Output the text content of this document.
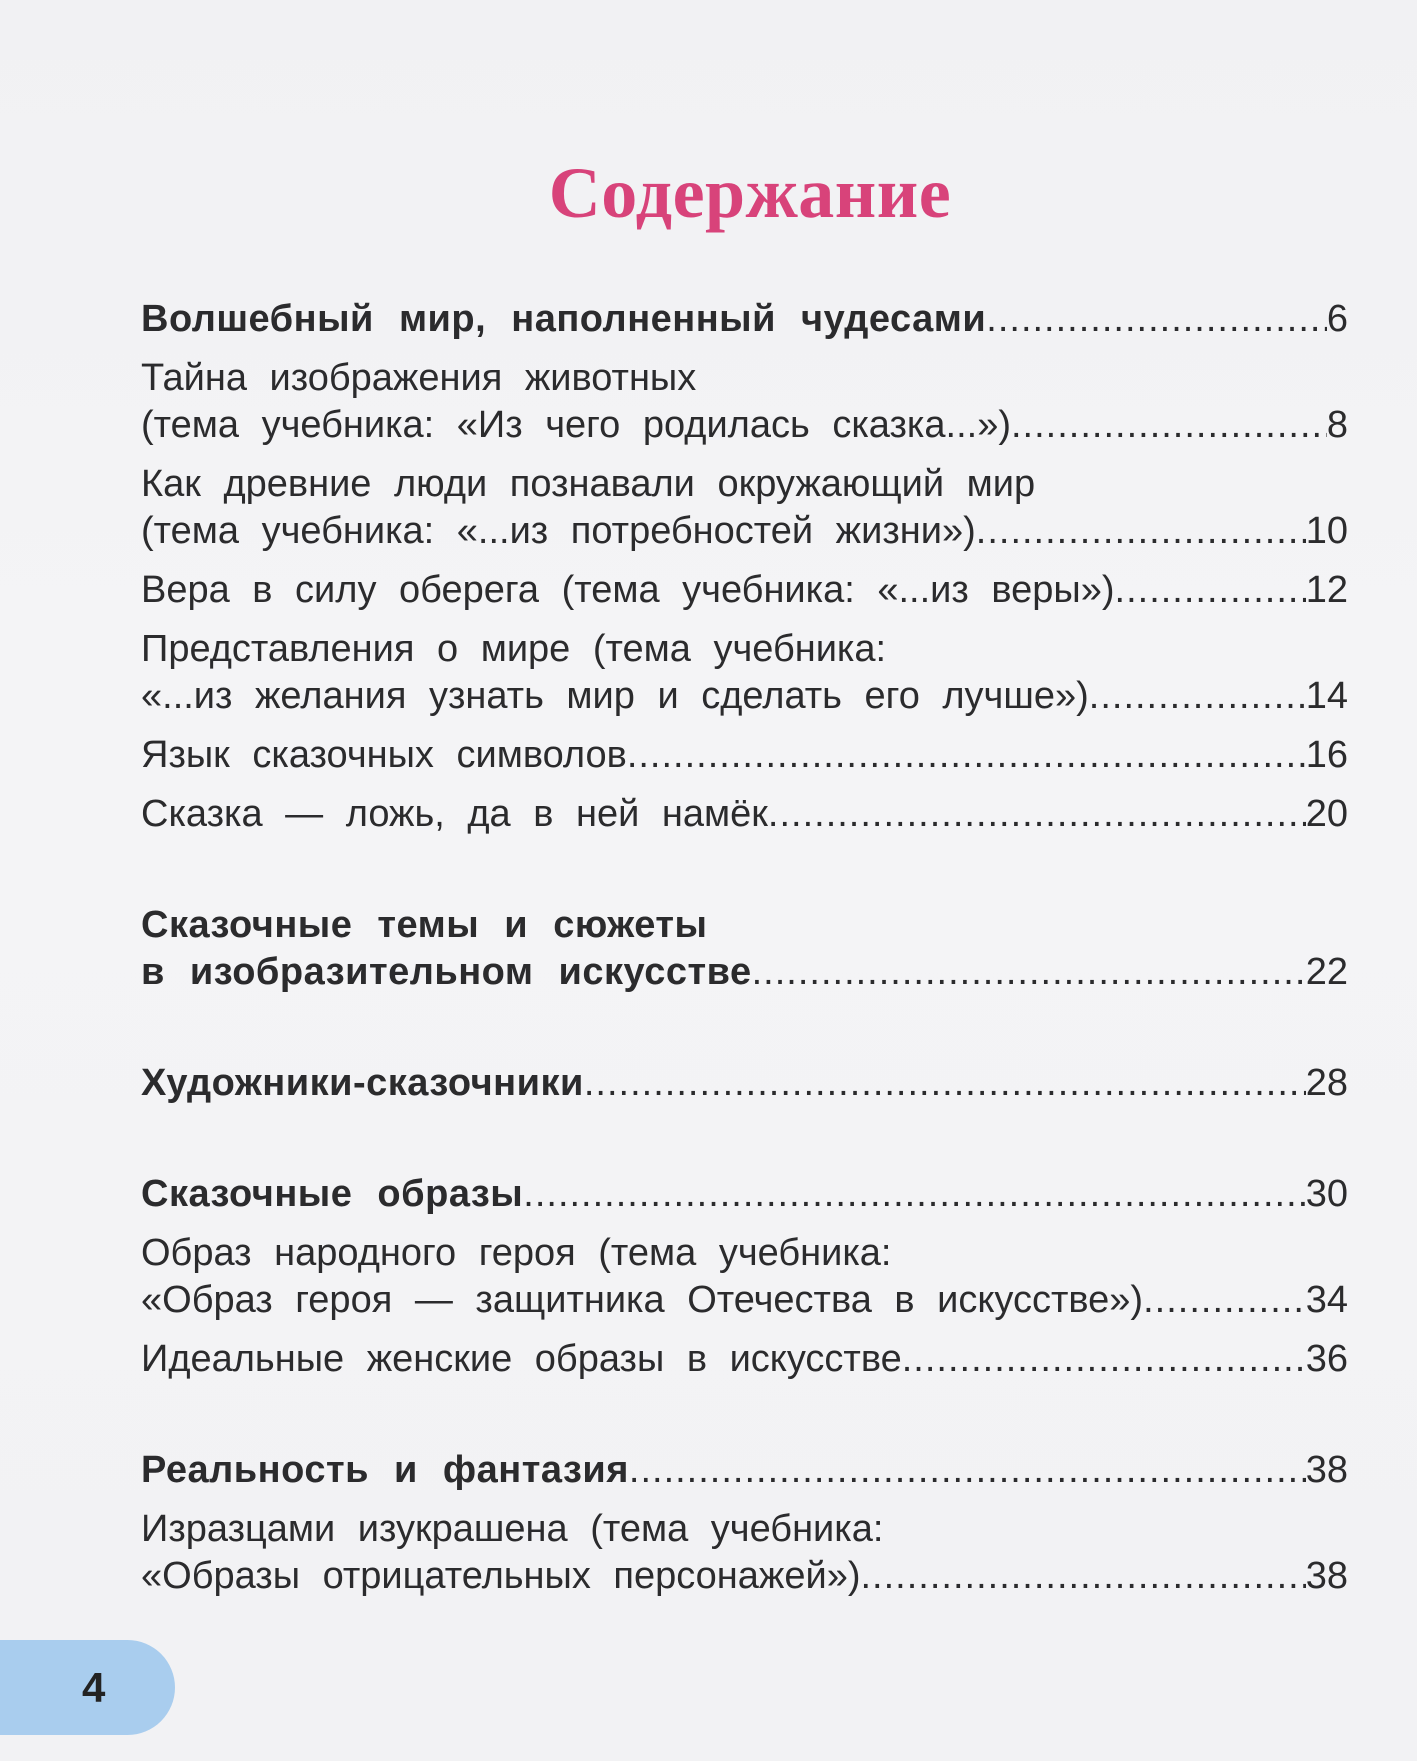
Содержание
Волшебный мир, наполненный чудесами .....	6
Тайна изображения животных
(тема учебника: «Из чего родилась сказка...») .....	8
Как древние люди познавали окружающий мир
(тема учебника: «...из потребностей жизни») .....	10
Вера в силу оберега (тема учебника: «...из веры») .....	12
Представления о мире (тема учебника:
«...из желания узнать мир и сделать его лучше») .....	14
Язык сказочных символов .....	16
Сказка — ложь, да в ней намёк .....	20
Сказочные темы и сюжеты
в изобразительном искусстве .....	22
Художники-сказочники .....	28
Сказочные образы .....	30
Образ народного героя (тема учебника:
«Образ героя — защитника Отечества в искусстве») .....	34
Идеальные женские образы в искусстве .....	36
Реальность и фантазия .....	38
Изразцами изукрашена (тема учебника:
«Образы отрицательных персонажей») .....	38
4
